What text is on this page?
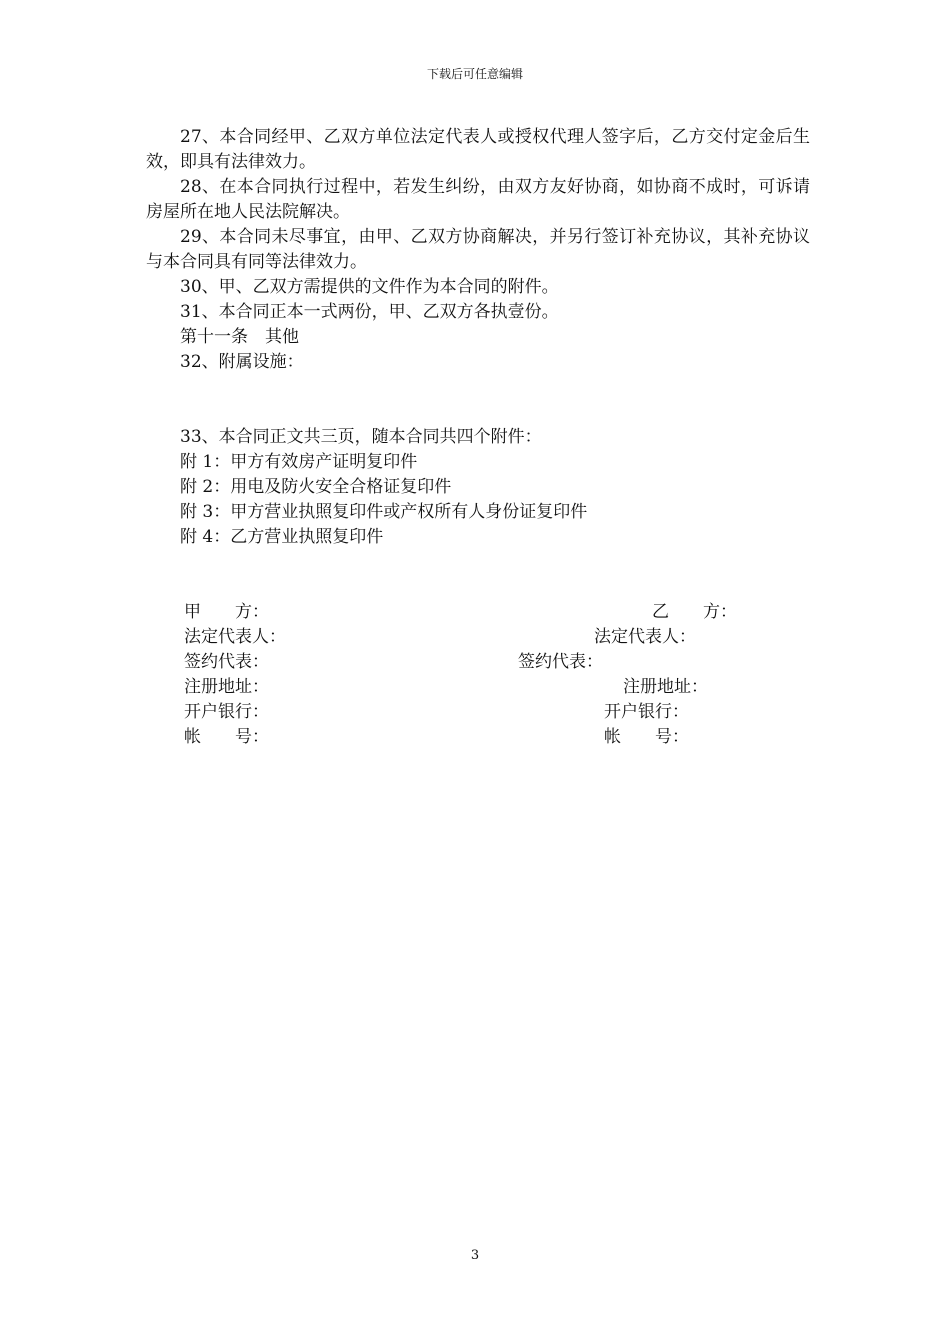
下载后可任意编辑

27、本合同经甲、乙双方单位法定代表人或授权代理人签字后，乙方交付定金后生效，即具有法律效力。

28、在本合同执行过程中，若发生纠纷，由双方友好协商，如协商不成时，可诉请房屋所在地人民法院解决。

29、本合同未尽事宜，由甲、乙双方协商解决，并另行签订补充协议，其补充协议与本合同具有同等法律效力。

30、甲、乙双方需提供的文件作为本合同的附件。

31、本合同正本一式两份，甲、乙双方各执壹份。

第十一条　其他

32、附属设施：

33、本合同正文共三页，随本合同共四个附件：

附 1：甲方有效房产证明复印件

附 2：用电及防火安全合格证复印件

附 3：甲方营业执照复印件或产权所有人身份证复印件

附 4：乙方营业执照复印件

甲　　方：	乙　　方：
法定代表人：	法定代表人：
签约代表：	签约代表：
注册地址：	注册地址：
开户银行：	开户银行：
帐　　号：	帐　　号：
3
